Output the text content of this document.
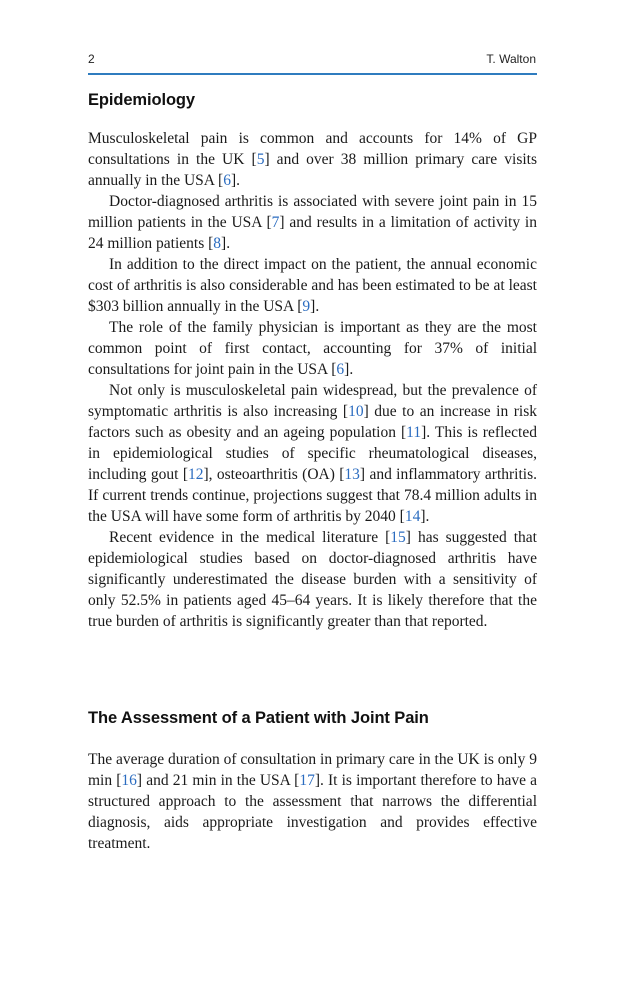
2	T. Walton
Epidemiology

Musculoskeletal pain is common and accounts for 14% of GP consultations in the UK [5] and over 38 million primary care visits annually in the USA [6].

Doctor-diagnosed arthritis is associated with severe joint pain in 15 million patients in the USA [7] and results in a limitation of activity in 24 million patients [8].

In addition to the direct impact on the patient, the annual economic cost of arthritis is also considerable and has been estimated to be at least $303 billion annually in the USA [9].

The role of the family physician is important as they are the most common point of first contact, accounting for 37% of initial consultations for joint pain in the USA [6].

Not only is musculoskeletal pain widespread, but the prevalence of symptomatic arthritis is also increasing [10] due to an increase in risk factors such as obesity and an ageing population [11]. This is reflected in epidemiological studies of specific rheumatological diseases, including gout [12], osteoarthritis (OA) [13] and inflammatory arthritis. If current trends continue, projections suggest that 78.4 million adults in the USA will have some form of arthritis by 2040 [14].

Recent evidence in the medical literature [15] has suggested that epidemiological studies based on doctor-diagnosed arthritis have significantly underestimated the disease burden with a sensitivity of only 52.5% in patients aged 45–64 years. It is likely therefore that the true burden of arthritis is significantly greater than that reported.

The Assessment of a Patient with Joint Pain

The average duration of consultation in primary care in the UK is only 9 min [16] and 21 min in the USA [17]. It is important therefore to have a structured approach to the assessment that narrows the differential diagnosis, aids appropriate investigation and provides effective treatment.
